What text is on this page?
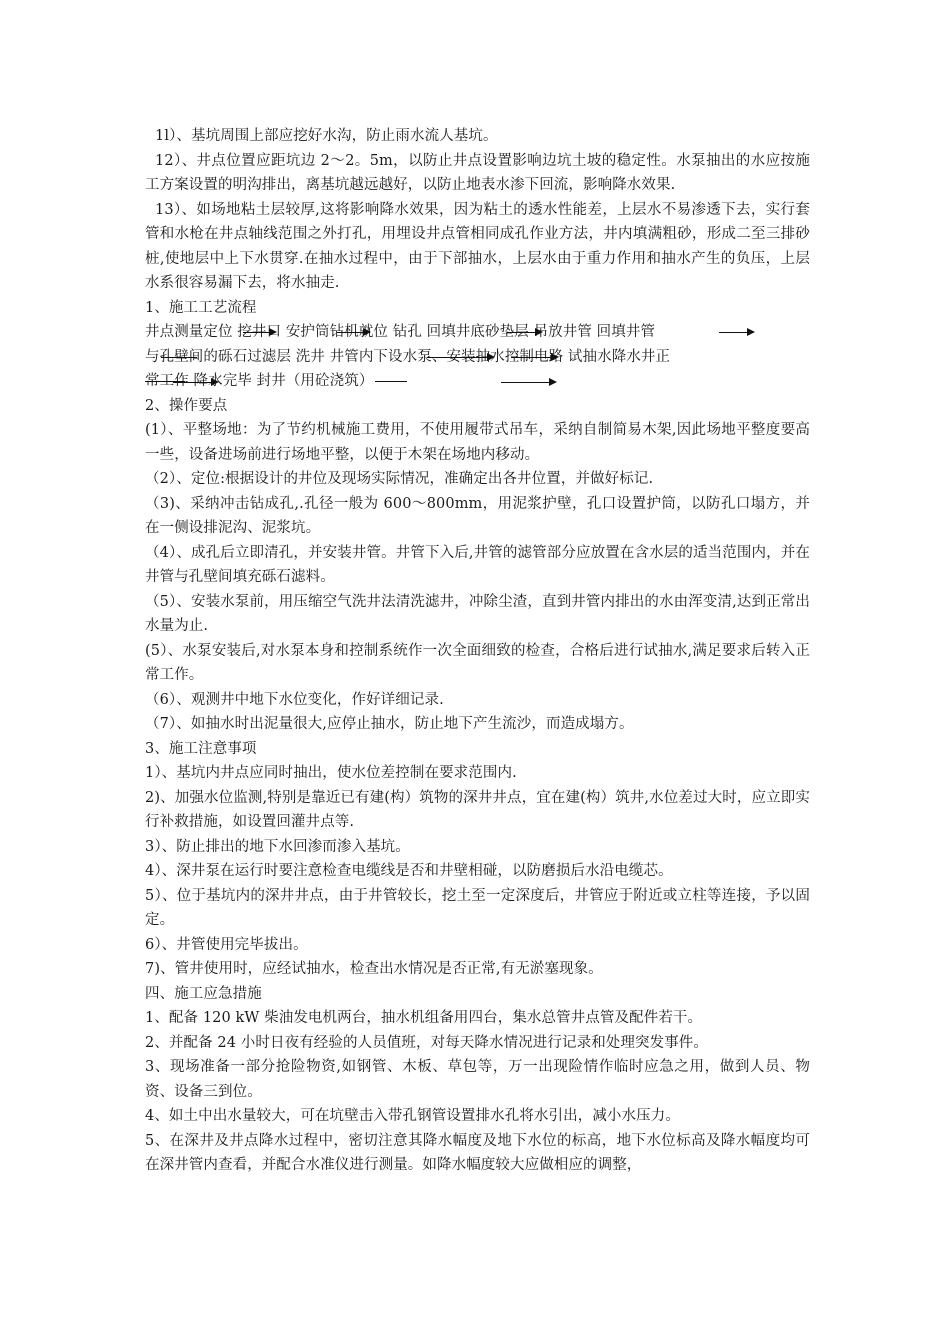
1l）、基坑周围上部应挖好水沟，防止雨水流人基坑。

12）、井点位置应距坑边 2～2。5m，以防止井点设置影响边坑土坡的稳定性。水泵抽出的水应按施工方案设置的明沟排出，离基坑越远越好，以防止地表水渗下回流，影响降水效果.

13）、如场地粘土层较厚,这将影响降水效果，因为粘土的透水性能差，上层水不易渗透下去，实行套管和水枪在井点轴线范围之外打孔，用埋设井点管相同成孔作业方法，井内填满粗砂，形成二至三排砂桩,使地层中上下水贯穿.在抽水过程中，由于下部抽水，上层水由于重力作用和抽水产生的负压，上层水系很容易漏下去，将水抽走.

1、施工工艺流程

井点测量定位 挖井口 安护筒钻机就位 钻孔 回填井底砂垫层 吊放井管 回填井管
与孔壁间的砾石过滤层 洗井 井管内下设水泵、安装抽水控制电路 试抽水降水井正
常工作 降水完毕 封井（用砼浇筑）

2、操作要点

(1）、平整场地：为了节约机械施工费用，不使用履带式吊车，采纳自制简易木架,因此场地平整度要高一些，设备进场前进行场地平整，以便于木架在场地内移动。

（2）、定位:根据设计的井位及现场实际情况，准确定出各井位置，并做好标记.

（3)、采纳冲击钻成孔,.孔径一般为 600～800mm，用泥浆护壁，孔口设置护筒，以防孔口塌方，并在一侧设排泥沟、泥浆坑。

（4）、成孔后立即清孔，并安装井管。井管下入后,井管的滤管部分应放置在含水层的适当范围内，并在井管与孔壁间填充砾石滤料。

（5）、安装水泵前，用压缩空气洗井法清洗滤井，冲除尘渣，直到井管内排出的水由浑变清,达到正常出水量为止.

(5）、水泵安装后,对水泵本身和控制系统作一次全面细致的检查，合格后进行试抽水,满足要求后转入正常工作。

（6）、观测井中地下水位变化，作好详细记录.

（7）、如抽水时出泥量很大,应停止抽水，防止地下产生流沙，而造成塌方。

3、施工注意事项

1）、基坑内井点应同时抽出，使水位差控制在要求范围内.

2)、加强水位监测,特别是靠近已有建(构）筑物的深井井点，宜在建(构）筑井,水位差过大时，应立即实行补救措施，如设置回灌井点等.

3）、防止排出的地下水回渗而渗入基坑。

4）、深井泵在运行时要注意检查电缆线是否和井壁相碰，以防磨损后水沿电缆芯。

5）、位于基坑内的深井井点，由于井管较长，挖土至一定深度后，井管应于附近或立柱等连接，予以固定。

6）、井管使用完毕拔出。

7)、管井使用时，应经试抽水，检查出水情况是否正常,有无淤塞现象。

四、施工应急措施

1、配备 120 kW 柴油发电机两台，抽水机组备用四台，集水总管井点管及配件若干。

2、并配备 24 小时日夜有经验的人员值班，对每天降水情况进行记录和处理突发事件。

3、现场准备一部分抢险物资,如钢管、木板、草包等，万一出现险情作临时应急之用，做到人员、物资、设备三到位。

4、如土中出水量较大，可在坑壁击入带孔钢管设置排水孔将水引出，减小水压力。

5、在深井及井点降水过程中，密切注意其降水幅度及地下水位的标高，地下水位标高及降水幅度均可在深井管内查看，并配合水准仪进行测量。如降水幅度较大应做相应的调整，
